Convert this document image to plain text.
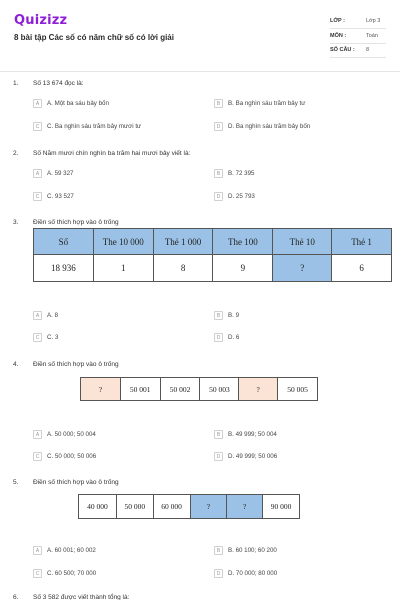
Quizizz
8 bài tập Các số có năm chữ số có lời giải
LỚP :	Lớp 3
MÔN :	Toán
SỐ CÂU : 8
1. Số 13 674 đọc là:
A	A. Một ba sáu bảy bốn	B	B. Ba nghìn sáu trăm bảy tư
C	C. Ba nghìn sáu trăm bảy mươi tư	D	D. Ba nghìn sáu trăm bảy bốn
2. Số Năm mươi chín nghìn ba trăm hai mươi bảy viết là:
A	A. 59 327	B	B. 72 395
C	C. 93 527	D	D. 25 793
3. Điền số thích hợp vào ô trống
Số	The 10 000	Thẻ 1 000	The 100	Thẻ 10	Thẻ 1
18 936	1	8	9	?	6
A	A. 8	B	B. 9
C	C. 3	D	D. 6
4. Điền số thích hợp vào ô trống
?	50 001	50 002	50 003	?	50 005
A	A. 50 000; 50 004	B	B. 49 999; 50 004
C	C. 50 000; 50 006	D	D. 49 999; 50 006
5. Điền số thích hợp vào ô trống
40 000	50 000	60 000	?	?	90 000
A	A. 60 001; 60 002	B	B. 60 100; 60 200
C	C. 60 500; 70 000	D	D. 70 000; 80 000
6. Số 3 582 được viết thành tổng là:
